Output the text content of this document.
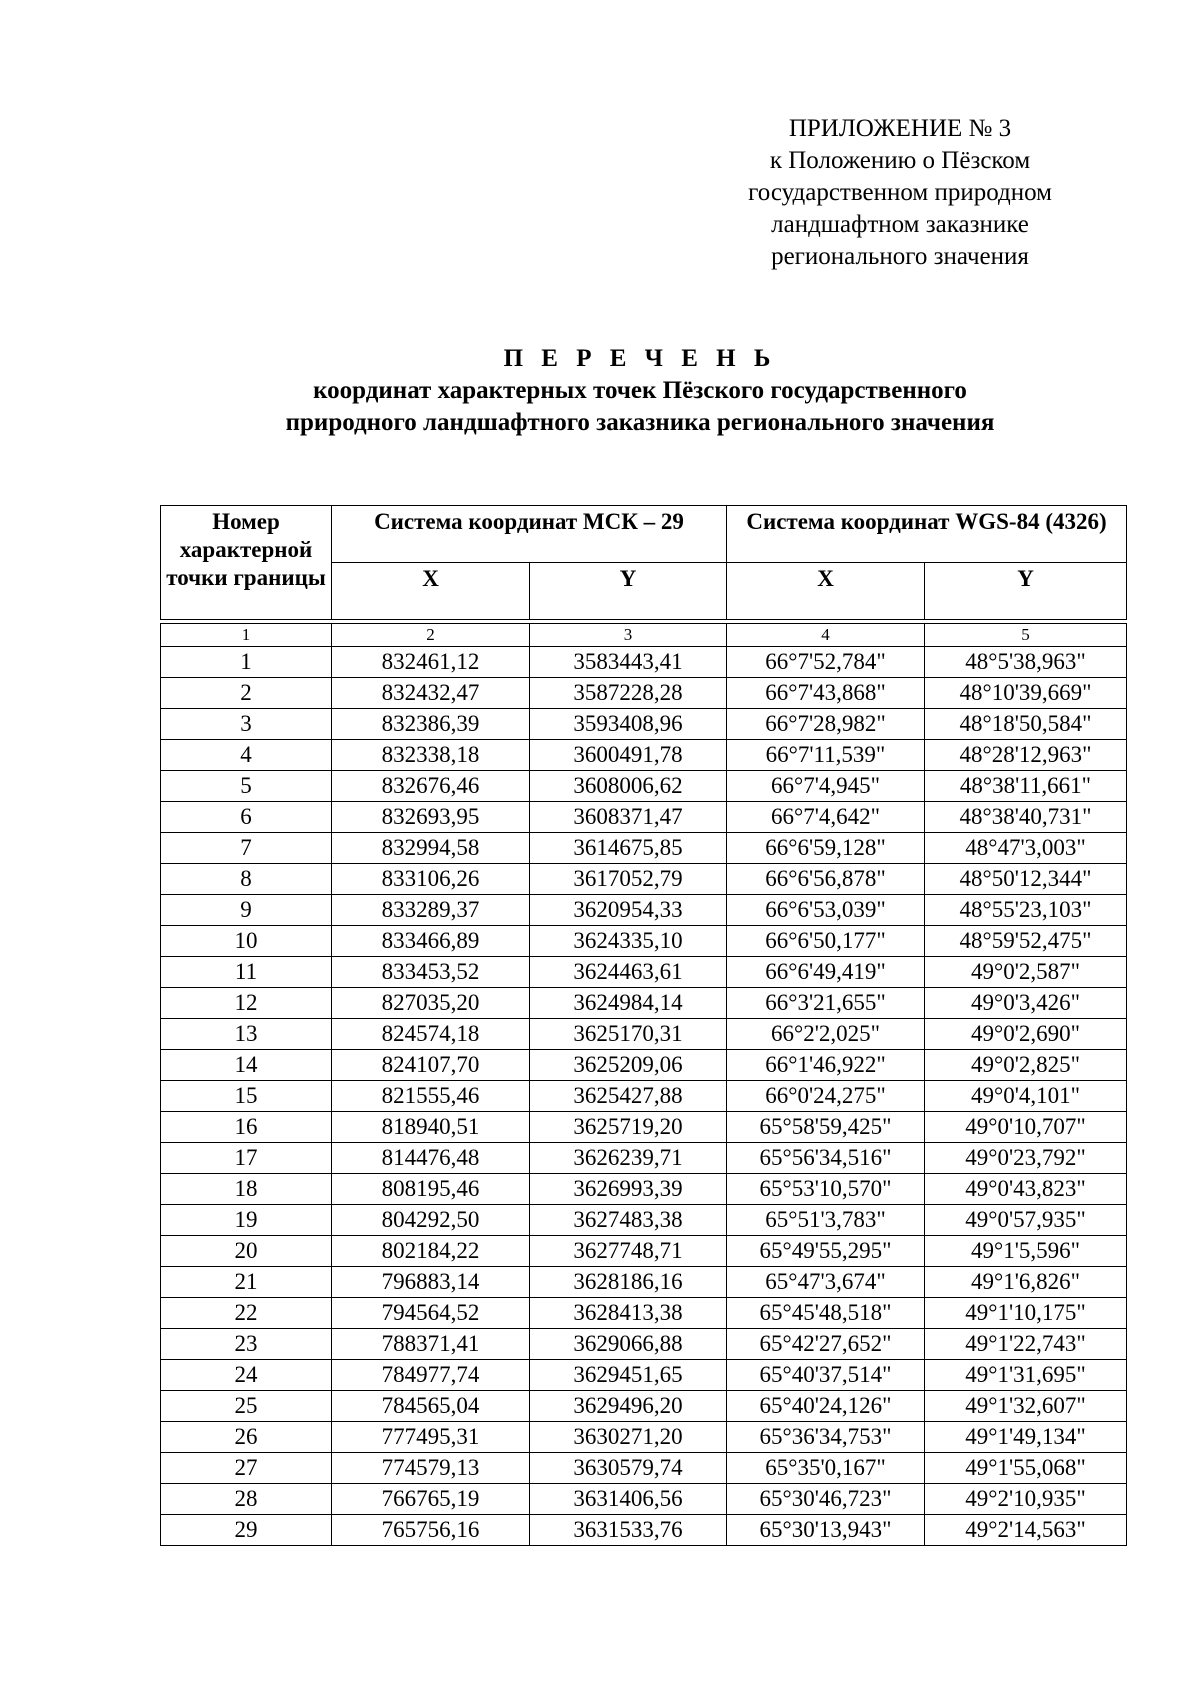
ПРИЛОЖЕНИЕ № 3
к Положению о Пёзском
государственном природном
ландшафтном заказнике
регионального значения
П Е Р Е Ч Е Н Ь
координат характерных точек Пёзского государственного
природного ландшафтного заказника регионального значения
Номер характерной точки границы	Система координат МСК – 29		Система координат WGS-84 (4326)	
	X	Y	X	Y

1	2	3	4	5
1	832461,12	3583443,41	66°7'52,784"	48°5'38,963"
2	832432,47	3587228,28	66°7'43,868"	48°10'39,669"
3	832386,39	3593408,96	66°7'28,982"	48°18'50,584"
4	832338,18	3600491,78	66°7'11,539"	48°28'12,963"
5	832676,46	3608006,62	66°7'4,945"	48°38'11,661"
6	832693,95	3608371,47	66°7'4,642"	48°38'40,731"
7	832994,58	3614675,85	66°6'59,128"	48°47'3,003"
8	833106,26	3617052,79	66°6'56,878"	48°50'12,344"
9	833289,37	3620954,33	66°6'53,039"	48°55'23,103"
10	833466,89	3624335,10	66°6'50,177"	48°59'52,475"
11	833453,52	3624463,61	66°6'49,419"	49°0'2,587"
12	827035,20	3624984,14	66°3'21,655"	49°0'3,426"
13	824574,18	3625170,31	66°2'2,025"	49°0'2,690"
14	824107,70	3625209,06	66°1'46,922"	49°0'2,825"
15	821555,46	3625427,88	66°0'24,275"	49°0'4,101"
16	818940,51	3625719,20	65°58'59,425"	49°0'10,707"
17	814476,48	3626239,71	65°56'34,516"	49°0'23,792"
18	808195,46	3626993,39	65°53'10,570"	49°0'43,823"
19	804292,50	3627483,38	65°51'3,783"	49°0'57,935"
20	802184,22	3627748,71	65°49'55,295"	49°1'5,596"
21	796883,14	3628186,16	65°47'3,674"	49°1'6,826"
22	794564,52	3628413,38	65°45'48,518"	49°1'10,175"
23	788371,41	3629066,88	65°42'27,652"	49°1'22,743"
24	784977,74	3629451,65	65°40'37,514"	49°1'31,695"
25	784565,04	3629496,20	65°40'24,126"	49°1'32,607"
26	777495,31	3630271,20	65°36'34,753"	49°1'49,134"
27	774579,13	3630579,74	65°35'0,167"	49°1'55,068"
28	766765,19	3631406,56	65°30'46,723"	49°2'10,935"
29	765756,16	3631533,76	65°30'13,943"	49°2'14,563"
